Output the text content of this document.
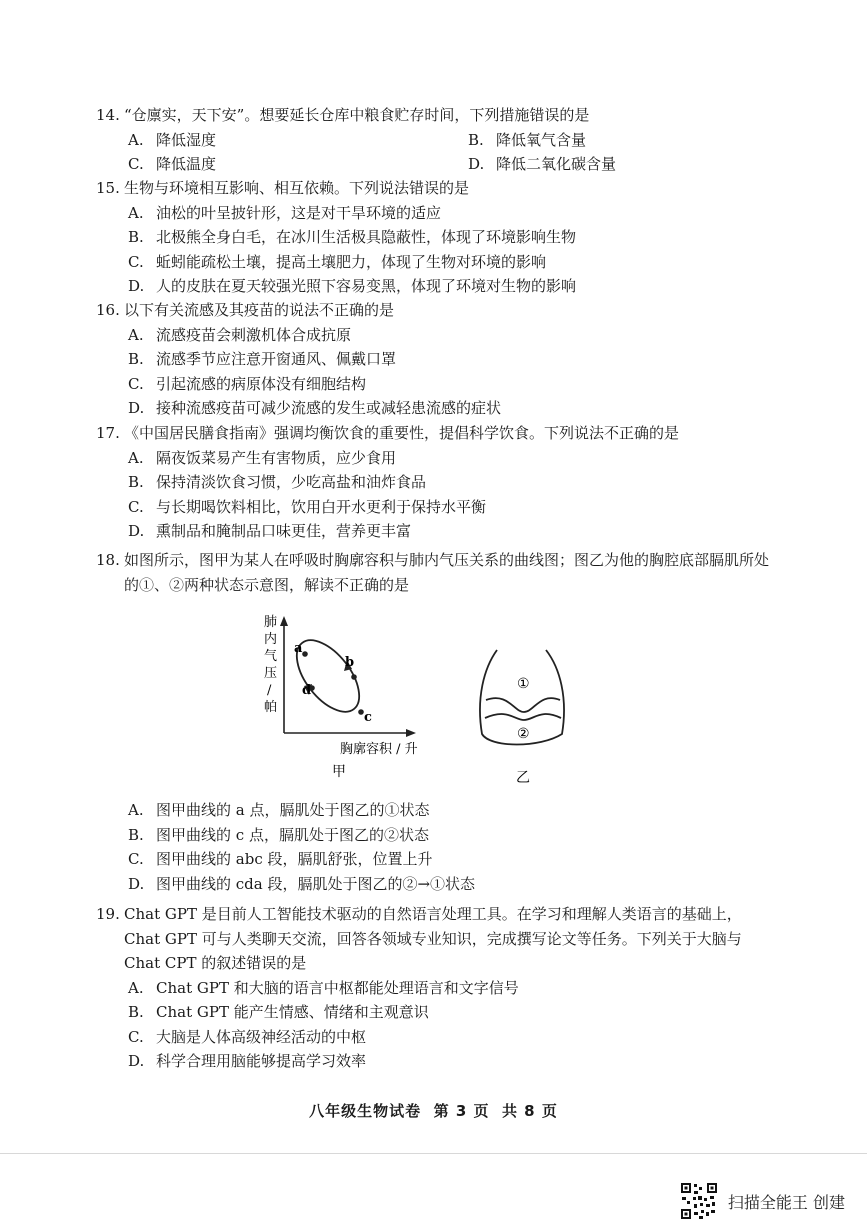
14. “仓廪实，天下安”。想要延长仓库中粮食贮存时间，下列措施错误的是
A. 降低湿度	B. 降低氧气含量
C. 降低温度	D. 降低二氧化碳含量
15. 生物与环境相互影响、相互依赖。下列说法错误的是
A. 油松的叶呈披针形，这是对干旱环境的适应
B. 北极熊全身白毛，在冰川生活极具隐蔽性，体现了环境影响生物
C. 蚯蚓能疏松土壤，提高土壤肥力，体现了生物对环境的影响
D. 人的皮肤在夏天较强光照下容易变黑，体现了环境对生物的影响
16. 以下有关流感及其疫苗的说法不正确的是
A. 流感疫苗会刺激机体合成抗原
B. 流感季节应注意开窗通风、佩戴口罩
C. 引起流感的病原体没有细胞结构
D. 接种流感疫苗可减少流感的发生或减轻患流感的症状
17. 《中国居民膳食指南》强调均衡饮食的重要性，提倡科学饮食。下列说法不正确的是
A. 隔夜饭菜易产生有害物质，应少食用
B. 保持清淡饮食习惯，少吃高盐和油炸食品
C. 与长期喝饮料相比，饮用白开水更利于保持水平衡
D. 熏制品和腌制品口味更佳，营养更丰富
18. 如图所示，图甲为某人在呼吸时胸廓容积与肺内气压关系的曲线图；图乙为他的胸腔底部膈肌所处的①、②两种状态示意图，解读不正确的是
肺
内
气
压
/
帕
a
b
c
d
胸廓容积 / 升
甲
①
②
乙
A. 图甲曲线的 a 点，膈肌处于图乙的①状态
B. 图甲曲线的 c 点，膈肌处于图乙的②状态
C. 图甲曲线的 abc 段，膈肌舒张，位置上升
D. 图甲曲线的 cda 段，膈肌处于图乙的②→①状态
19. Chat GPT 是目前人工智能技术驱动的自然语言处理工具。在学习和理解人类语言的基础上，Chat GPT 可与人类聊天交流，回答各领域专业知识，完成撰写论文等任务。下列关于大脑与 Chat CPT 的叙述错误的是
A. Chat GPT 和大脑的语言中枢都能处理语言和文字信号
B. Chat GPT 能产生情感、情绪和主观意识
C. 大脑是人体高级神经活动的中枢
D. 科学合理用脑能够提高学习效率
八年级生物试卷  第 3 页  共 8 页
扫描全能王 创建
